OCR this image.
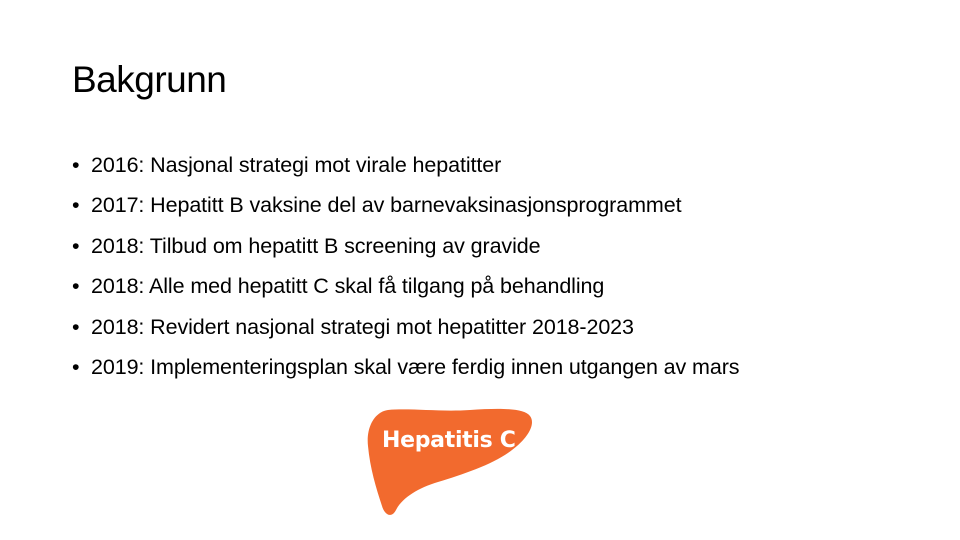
Bakgrunn
• 2016: Nasjonal strategi mot virale hepatitter
• 2017: Hepatitt B vaksine del av barnevaksinasjonsprogrammet
• 2018: Tilbud om hepatitt B screening av gravide
• 2018: Alle med hepatitt C skal få tilgang på behandling
• 2018: Revidert nasjonal strategi mot hepatitter 2018-2023
• 2019: Implementeringsplan skal være ferdig innen utgangen av mars
Hepatitis C
